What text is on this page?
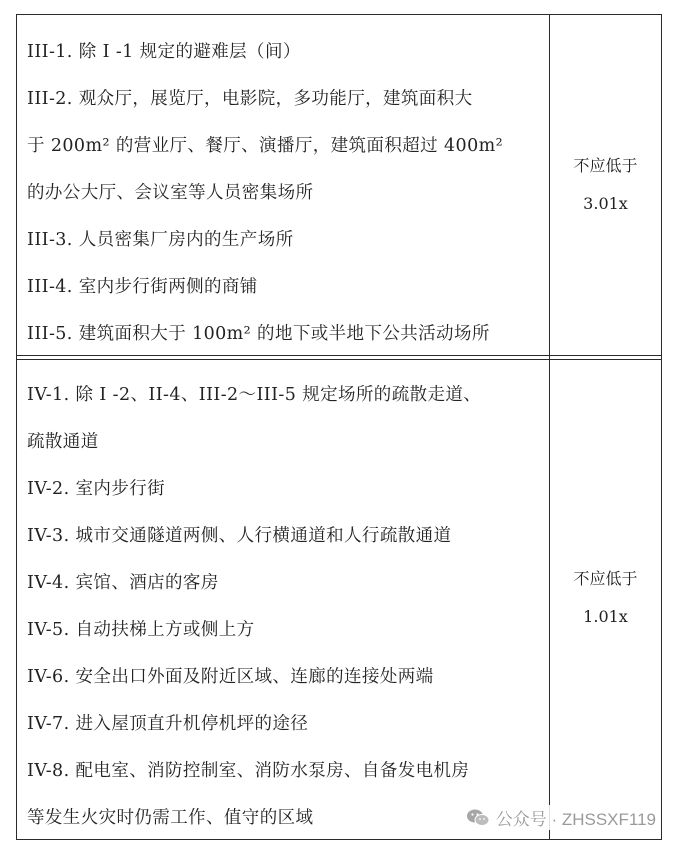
III-1. 除 I -1 规定的避难层（间）
III-2. 观众厅，展览厅，电影院，多功能厅，建筑面积大
于 200m² 的营业厅、餐厅、演播厅，建筑面积超过 400m²
的办公大厅、会议室等人员密集场所
III-3. 人员密集厂房内的生产场所
III-4. 室内步行街两侧的商铺
III-5. 建筑面积大于 100m² 的地下或半地下公共活动场所
不应低于
3.01x
IV-1. 除 I -2、II-4、III-2～III-5 规定场所的疏散走道、
疏散通道
IV-2. 室内步行街
IV-3. 城市交通隧道两侧、人行横通道和人行疏散通道
IV-4. 宾馆、酒店的客房
IV-5. 自动扶梯上方或侧上方
IV-6. 安全出口外面及附近区域、连廊的连接处两端
IV-7. 进入屋顶直升机停机坪的途径
IV-8. 配电室、消防控制室、消防水泵房、自备发电机房
等发生火灾时仍需工作、值守的区域
不应低于
1.01x
公众号 · ZHSSXF119
